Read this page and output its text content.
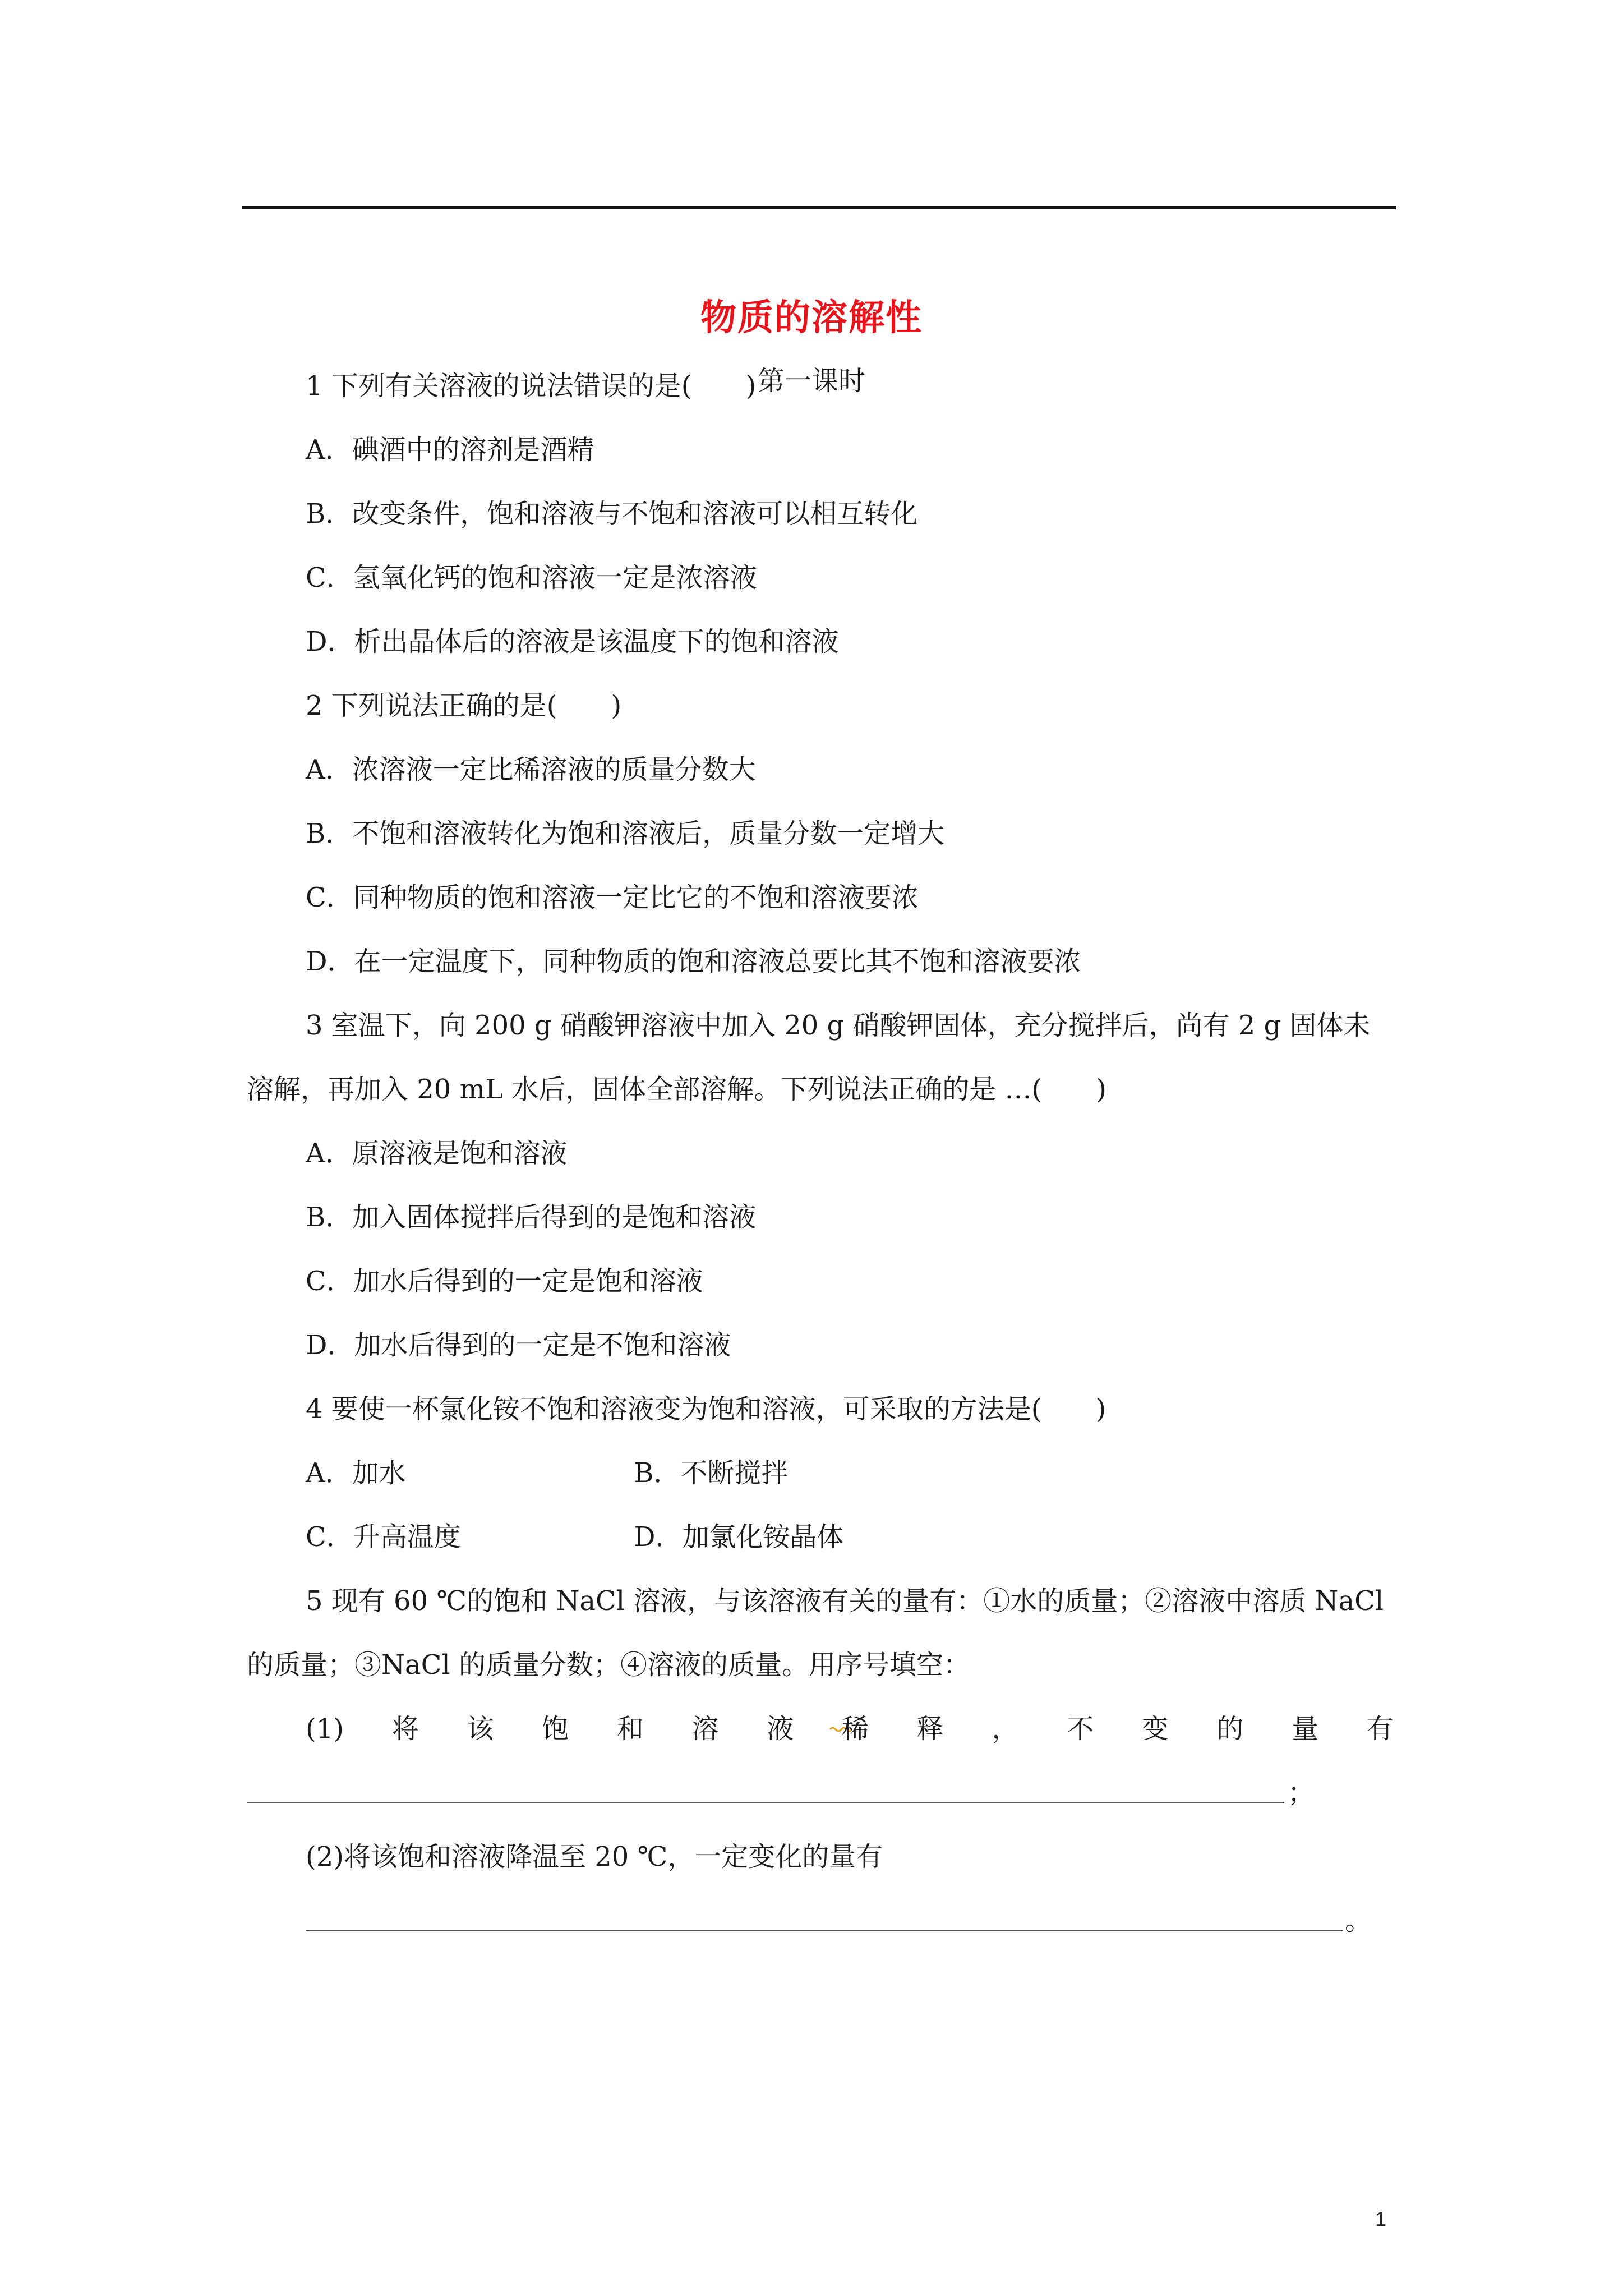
物质的溶解性
第一课时
1 下列有关溶液的说法错误的是(　　)
A．碘酒中的溶剂是酒精
B．改变条件，饱和溶液与不饱和溶液可以相互转化
C．氢氧化钙的饱和溶液一定是浓溶液
D．析出晶体后的溶液是该温度下的饱和溶液
2 下列说法正确的是(　　)
A．浓溶液一定比稀溶液的质量分数大
B．不饱和溶液转化为饱和溶液后，质量分数一定增大
C．同种物质的饱和溶液一定比它的不饱和溶液要浓
D．在一定温度下，同种物质的饱和溶液总要比其不饱和溶液要浓
3 室温下，向 200 g 硝酸钾溶液中加入 20 g 硝酸钾固体，充分搅拌后，尚有 2 g 固体未
溶解，再加入 20 mL 水后，固体全部溶解。下列说法正确的是 …(　　)
A．原溶液是饱和溶液
B．加入固体搅拌后得到的是饱和溶液
C．加水后得到的一定是饱和溶液
D．加水后得到的一定是不饱和溶液
4 要使一杯氯化铵不饱和溶液变为饱和溶液，可采取的方法是(　　)
A．加水	B．不断搅拌
C．升高温度	D．加氯化铵晶体
5 现有 60 ℃的饱和 NaCl 溶液，与该溶液有关的量有：①水的质量；②溶液中溶质 NaCl
的质量；③NaCl 的质量分数；④溶液的质量。用序号填空：
(1) 将 该 饱 和 溶 液 稀 释 ， 不 变 的 量 有
；
(2)将该饱和溶液降温至 20 ℃，一定变化的量有
。
1
